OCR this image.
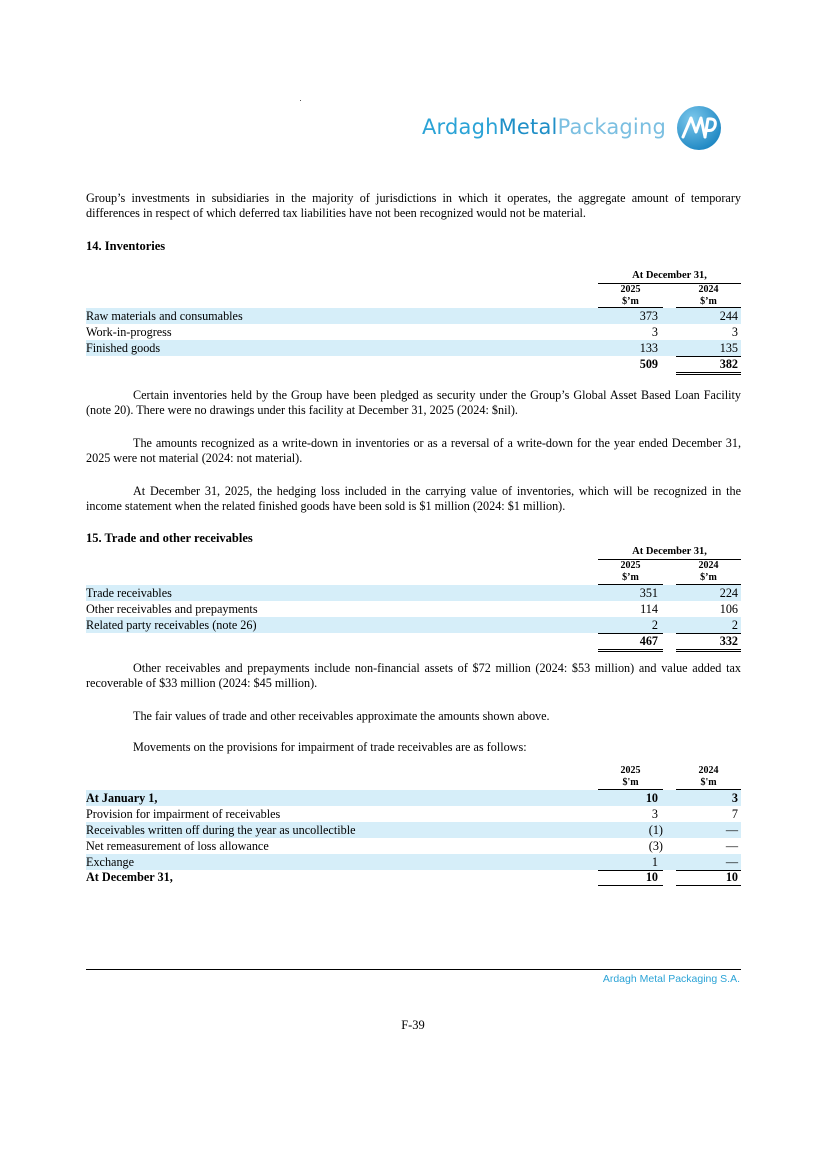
ArdaghMetalPackaging

Group’s investments in subsidiaries in the majority of jurisdictions in which it operates, the aggregate amount of temporary differences in respect of which deferred tax liabilities have not been recognized would not be material.

14. Inventories

At December 31,
2025
$’m
2024
$’m
Raw materials and consumables	373	244
Work-in-progress	3	3
Finished goods	133	135
509	382

Certain inventories held by the Group have been pledged as security under the Group’s Global Asset Based Loan Facility (note 20). There were no drawings under this facility at December 31, 2025 (2024: $nil).

The amounts recognized as a write-down in inventories or as a reversal of a write-down for the year ended December 31, 2025 were not material (2024: not material).

At December 31, 2025, the hedging loss included in the carrying value of inventories, which will be recognized in the income statement when the related finished goods have been sold is $1 million (2024: $1 million).

15. Trade and other receivables

At December 31,
2025
$’m
2024
$’m
Trade receivables	351	224
Other receivables and prepayments	114	106
Related party receivables (note 26)	2	2
467	332

Other receivables and prepayments include non-financial assets of $72 million (2024: $53 million) and value added tax recoverable of $33 million (2024: $45 million).

The fair values of trade and other receivables approximate the amounts shown above.

Movements on the provisions for impairment of trade receivables are as follows:

2025
$'m
2024
$'m
At January 1,	10	3
Provision for impairment of receivables	3	7
Receivables written off during the year as uncollectible	(1)	—
Net remeasurement of loss allowance	(3)	—
Exchange	1	—
At December 31,	10	10
Ardagh Metal Packaging S.A.
F-39
